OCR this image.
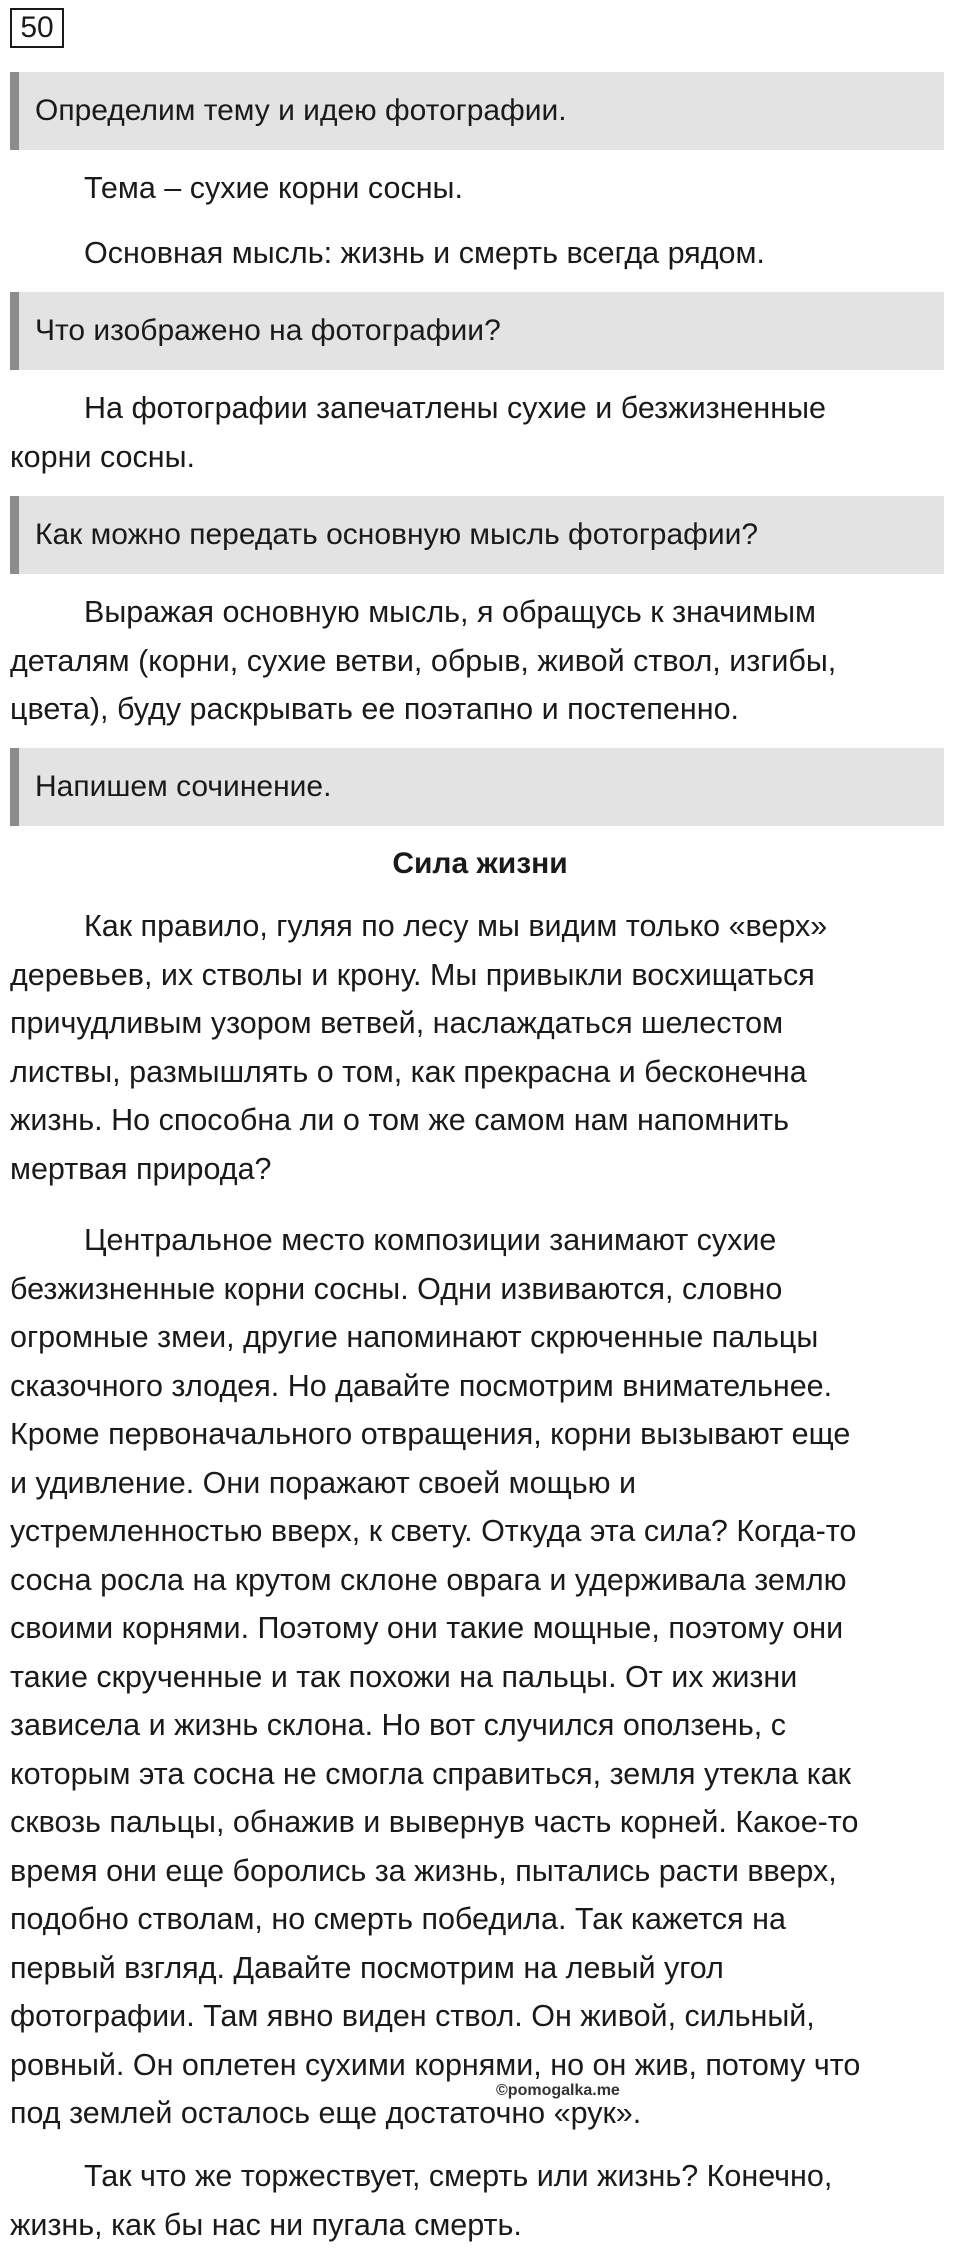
50
Определим тему и идею фотографии.
Тема – сухие корни сосны.
Основная мысль: жизнь и смерть всегда рядом.
Что изображено на фотографии?
На фотографии запечатлены сухие и безжизненные
корни сосны.
Как можно передать основную мысль фотографии?
Выражая основную мысль, я обращусь к значимым
деталям (корни, сухие ветви, обрыв, живой ствол, изгибы,
цвета), буду раскрывать ее поэтапно и постепенно.
Напишем сочинение.
Сила жизни
Как правило, гуляя по лесу мы видим только «верх»
деревьев, их стволы и крону. Мы привыкли восхищаться
причудливым узором ветвей, наслаждаться шелестом
листвы, размышлять о том, как прекрасна и бесконечна
жизнь. Но способна ли о том же самом нам напомнить
мертвая природа?
Центральное место композиции занимают сухие
безжизненные корни сосны. Одни извиваются, словно
огромные змеи, другие напоминают скрюченные пальцы
сказочного злодея. Но давайте посмотрим внимательнее.
Кроме первоначального отвращения, корни вызывают еще
и удивление. Они поражают своей мощью и
устремленностью вверх, к свету. Откуда эта сила? Когда-то
сосна росла на крутом склоне оврага и удерживала землю
своими корнями. Поэтому они такие мощные, поэтому они
такие скрученные и так похожи на пальцы. От их жизни
зависела и жизнь склона. Но вот случился оползень, с
которым эта сосна не смогла справиться, земля утекла как
сквозь пальцы, обнажив и вывернув часть корней. Какое-то
время они еще боролись за жизнь, пытались расти вверх,
подобно стволам, но смерть победила. Так кажется на
первый взгляд. Давайте посмотрим на левый угол
фотографии. Там явно виден ствол. Он живой, сильный,
ровный. Он оплетен сухими корнями, но он жив, потому что
под землей осталось еще достаточно «рук».
©pomogalka.me
Так что же торжествует, смерть или жизнь? Конечно,
жизнь, как бы нас ни пугала смерть.
